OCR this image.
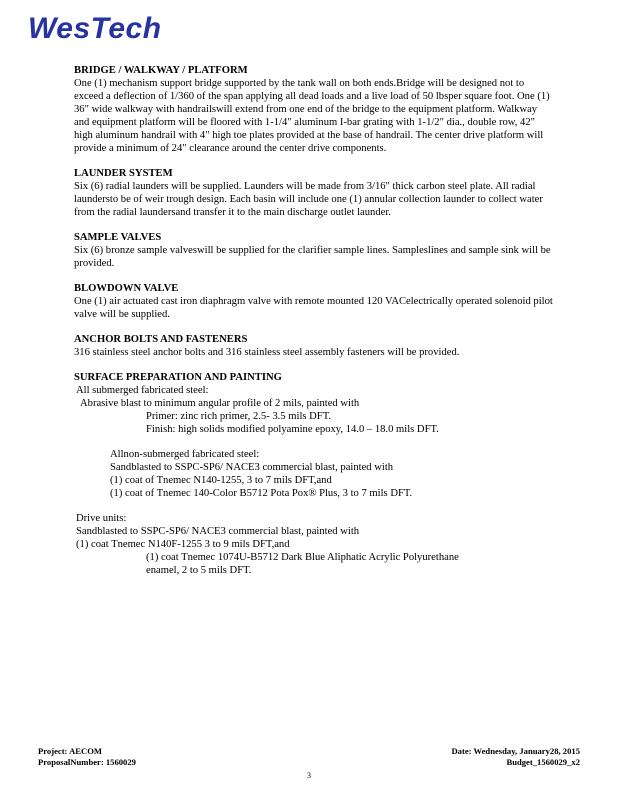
WesTech
BRIDGE / WALKWAY / PLATFORM

One (1) mechanism support bridge supported by the tank wall on both ends.Bridge will be designed not to exceed a deflection of 1/360 of the span applying all dead loads and a live load of 50 lbsper square foot. One (1) 36" wide walkway with handrailswill extend from one end of the bridge to the equipment platform. Walkway and equipment platform will be floored with 1-1/4" aluminum I-bar grating with 1-1/2" dia., double row, 42" high aluminum handrail with 4" high toe plates provided at the base of handrail. The center drive platform will provide a minimum of 24" clearance around the center drive components.

LAUNDER SYSTEM

Six (6) radial launders will be supplied. Launders will be made from 3/16" thick carbon steel plate. All radial laundersto be of weir trough design. Each basin will include one (1) annular collection launder to collect water from the radial laundersand transfer it to the main discharge outlet launder.

SAMPLE VALVES

Six (6) bronze sample valveswill be supplied for the clarifier sample lines. Sampleslines and sample sink will be provided.

BLOWDOWN VALVE

One (1) air actuated cast iron diaphragm valve with remote mounted 120 VACelectrically operated solenoid pilot valve will be supplied.

ANCHOR BOLTS AND FASTENERS

316 stainless steel anchor bolts and 316 stainless steel assembly fasteners will be provided.

SURFACE PREPARATION AND PAINTING

All submerged fabricated steel:

Abrasive blast to minimum angular profile of 2 mils, painted with

Primer: zinc rich primer, 2.5- 3.5 mils DFT.

Finish: high solids modified polyamine epoxy, 14.0 – 18.0 mils DFT.

Allnon-submerged fabricated steel:

Sandblasted to SSPC-SP6/ NACE3 commercial blast, painted with

(1) coat of Tnemec N140-1255, 3 to 7 mils DFT,and

(1) coat of Tnemec 140-Color B5712 Pota Pox® Plus, 3 to 7 mils DFT.

Drive units:

Sandblasted to SSPC-SP6/ NACE3 commercial blast, painted with

(1) coat Tnemec N140F-1255 3 to 9 mils DFT,and

(1) coat Tnemec 1074U-B5712 Dark Blue Aliphatic Acrylic Polyurethane

enamel, 2 to 5 mils DFT.

Project: AECOM
ProposalNumber: 1560029
Date: Wednesday, January28, 2015
Budget_1560029_x2
3
